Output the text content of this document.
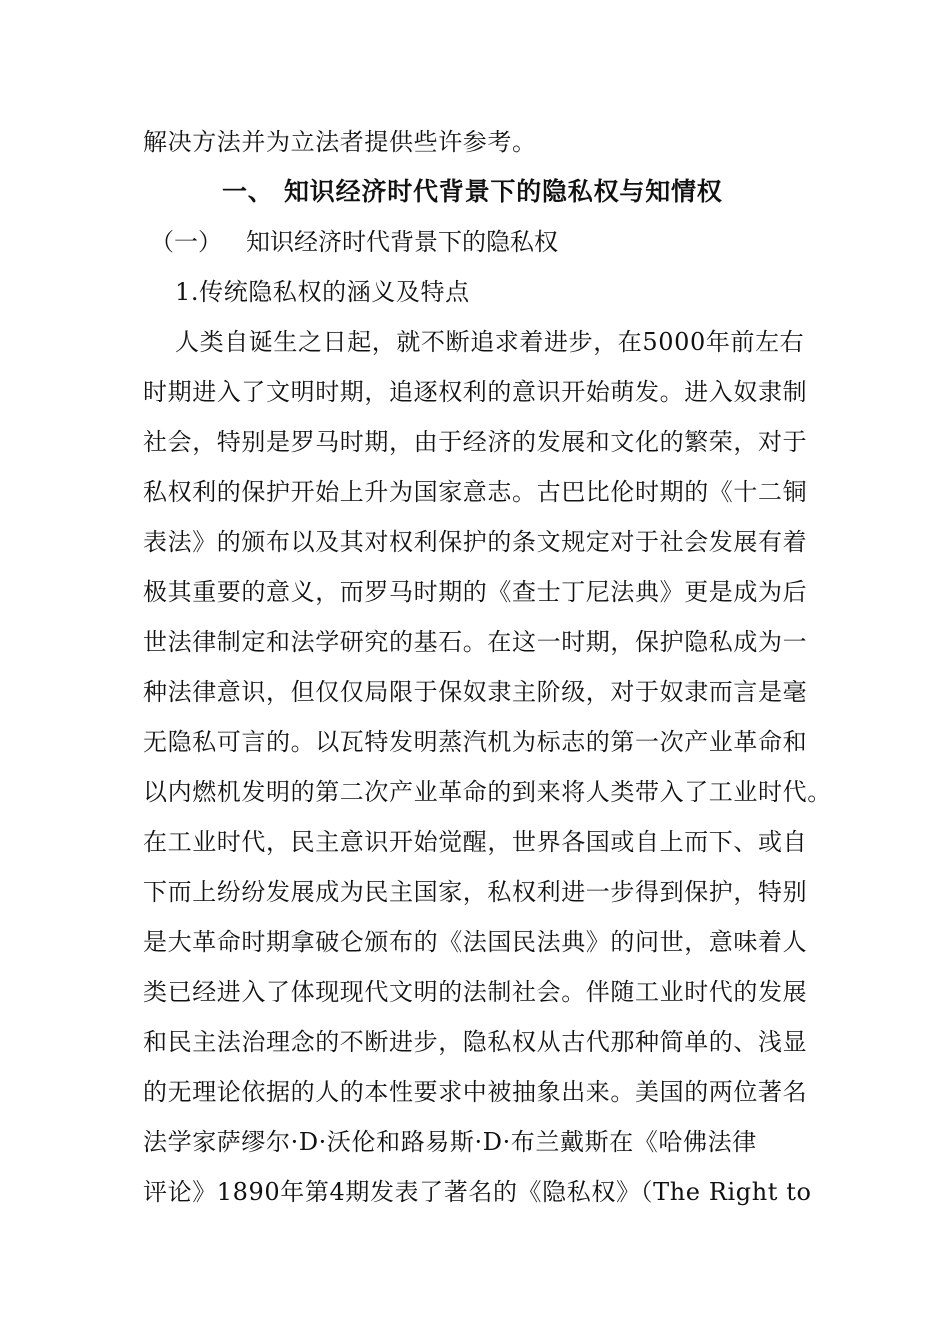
解决方法并为立法者提供些许参考。
一、 知识经济时代背景下的隐私权与知情权
（一） 知识经济时代背景下的隐私权
1.传统隐私权的涵义及特点
人类自诞生之日起，就不断追求着进步，在5000年前左右
时期进入了文明时期，追逐权利的意识开始萌发。进入奴隶制
社会，特别是罗马时期，由于经济的发展和文化的繁荣，对于
私权利的保护开始上升为国家意志。古巴比伦时期的《十二铜
表法》的颁布以及其对权利保护的条文规定对于社会发展有着
极其重要的意义，而罗马时期的《查士丁尼法典》更是成为后
世法律制定和法学研究的基石。在这一时期，保护隐私成为一
种法律意识，但仅仅局限于保奴隶主阶级，对于奴隶而言是毫
无隐私可言的。以瓦特发明蒸汽机为标志的第一次产业革命和
以内燃机发明的第二次产业革命的到来将人类带入了工业时代。
在工业时代，民主意识开始觉醒，世界各国或自上而下、或自
下而上纷纷发展成为民主国家，私权利进一步得到保护，特别
是大革命时期拿破仑颁布的《法国民法典》的问世，意味着人
类已经进入了体现现代文明的法制社会。伴随工业时代的发展
和民主法治理念的不断进步，隐私权从古代那种简单的、浅显
的无理论依据的人的本性要求中被抽象出来。美国的两位著名
法学家萨缪尔·D·沃伦和路易斯·D·布兰戴斯在《哈佛法律
评论》1890年第4期发表了著名的《隐私权》（The Right to
